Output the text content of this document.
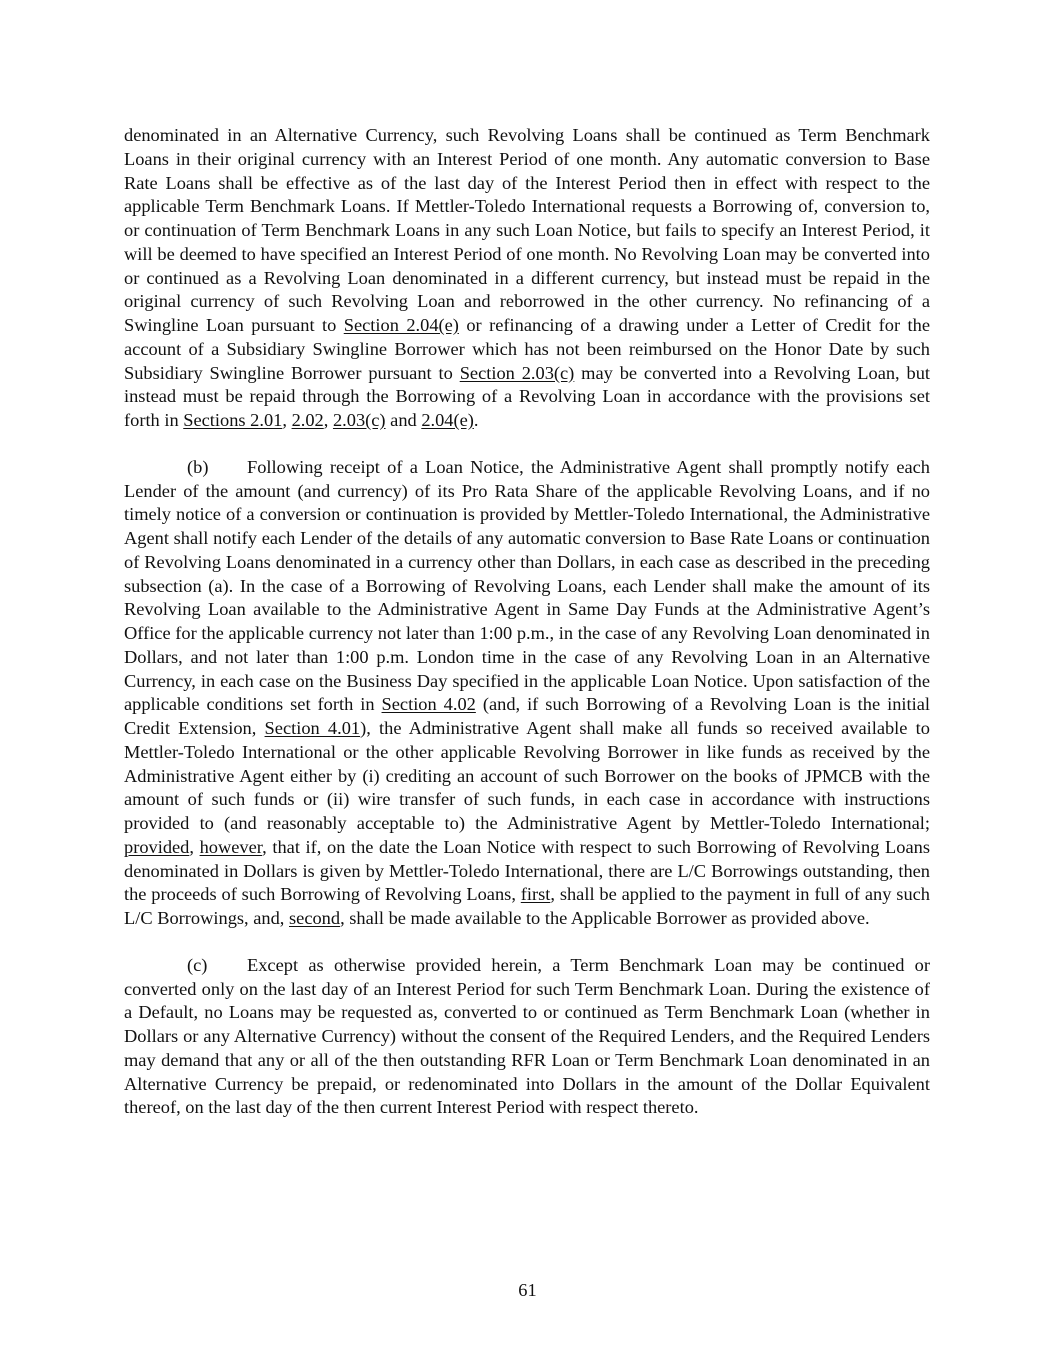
denominated in an Alternative Currency, such Revolving Loans shall be continued as Term Benchmark Loans in their original currency with an Interest Period of one month. Any automatic conversion to Base Rate Loans shall be effective as of the last day of the Interest Period then in effect with respect to the applicable Term Benchmark Loans. If Mettler-Toledo International requests a Borrowing of, conversion to, or continuation of Term Benchmark Loans in any such Loan Notice, but fails to specify an Interest Period, it will be deemed to have specified an Interest Period of one month. No Revolving Loan may be converted into or continued as a Revolving Loan denominated in a different currency, but instead must be repaid in the original currency of such Revolving Loan and reborrowed in the other currency. No refinancing of a Swingline Loan pursuant to Section 2.04(e) or refinancing of a drawing under a Letter of Credit for the account of a Subsidiary Swingline Borrower which has not been reimbursed on the Honor Date by such Subsidiary Swingline Borrower pursuant to Section 2.03(c) may be converted into a Revolving Loan, but instead must be repaid through the Borrowing of a Revolving Loan in accordance with the provisions set forth in Sections 2.01, 2.02, 2.03(c) and 2.04(e).

(b) Following receipt of a Loan Notice, the Administrative Agent shall promptly notify each Lender of the amount (and currency) of its Pro Rata Share of the applicable Revolving Loans, and if no timely notice of a conversion or continuation is provided by Mettler-Toledo International, the Administrative Agent shall notify each Lender of the details of any automatic conversion to Base Rate Loans or continuation of Revolving Loans denominated in a currency other than Dollars, in each case as described in the preceding subsection (a). In the case of a Borrowing of Revolving Loans, each Lender shall make the amount of its Revolving Loan available to the Administrative Agent in Same Day Funds at the Administrative Agent’s Office for the applicable currency not later than 1:00 p.m., in the case of any Revolving Loan denominated in Dollars, and not later than 1:00 p.m. London time in the case of any Revolving Loan in an Alternative Currency, in each case on the Business Day specified in the applicable Loan Notice. Upon satisfaction of the applicable conditions set forth in Section 4.02 (and, if such Borrowing of a Revolving Loan is the initial Credit Extension, Section 4.01), the Administrative Agent shall make all funds so received available to Mettler-Toledo International or the other applicable Revolving Borrower in like funds as received by the Administrative Agent either by (i) crediting an account of such Borrower on the books of JPMCB with the amount of such funds or (ii) wire transfer of such funds, in each case in accordance with instructions provided to (and reasonably acceptable to) the Administrative Agent by Mettler-Toledo International; provided, however, that if, on the date the Loan Notice with respect to such Borrowing of Revolving Loans denominated in Dollars is given by Mettler-Toledo International, there are L/C Borrowings outstanding, then the proceeds of such Borrowing of Revolving Loans, first, shall be applied to the payment in full of any such L/C Borrowings, and, second, shall be made available to the Applicable Borrower as provided above.

(c) Except as otherwise provided herein, a Term Benchmark Loan may be continued or converted only on the last day of an Interest Period for such Term Benchmark Loan. During the existence of a Default, no Loans may be requested as, converted to or continued as Term Benchmark Loan (whether in Dollars or any Alternative Currency) without the consent of the Required Lenders, and the Required Lenders may demand that any or all of the then outstanding RFR Loan or Term Benchmark Loan denominated in an Alternative Currency be prepaid, or redenominated into Dollars in the amount of the Dollar Equivalent thereof, on the last day of the then current Interest Period with respect thereto.

61
